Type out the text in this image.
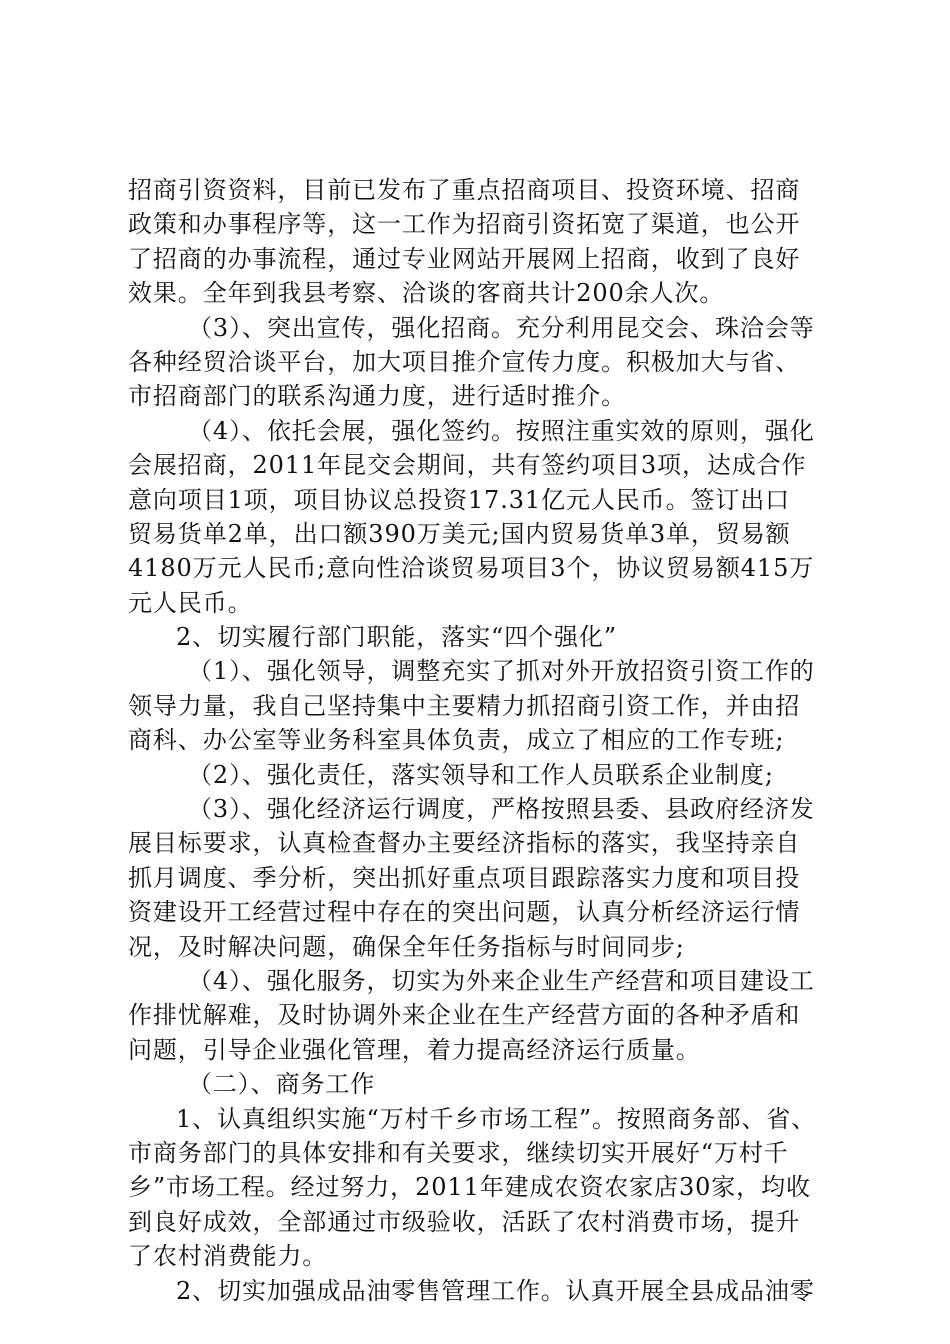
招商引资资料，目前已发布了重点招商项目、投资环境、招商
政策和办事程序等，这一工作为招商引资拓宽了渠道，也公开
了招商的办事流程，通过专业网站开展网上招商，收到了良好
效果。全年到我县考察、洽谈的客商共计200余人次。
（3）、突出宣传，强化招商。充分利用昆交会、珠洽会等
各种经贸洽谈平台，加大项目推介宣传力度。积极加大与省、
市招商部门的联系沟通力度，进行适时推介。
（4）、依托会展，强化签约。按照注重实效的原则，强化
会展招商，2011年昆交会期间，共有签约项目3项，达成合作
意向项目1项，项目协议总投资17.31亿元人民币。签订出口
贸易货单2单，出口额390万美元;国内贸易货单3单，贸易额
4180万元人民币;意向性洽谈贸易项目3个，协议贸易额415万
元人民币。
2、切实履行部门职能，落实“四个强化”
（1）、强化领导，调整充实了抓对外开放招资引资工作的
领导力量，我自己坚持集中主要精力抓招商引资工作，并由招
商科、办公室等业务科室具体负责，成立了相应的工作专班;
（2）、强化责任，落实领导和工作人员联系企业制度;
（3）、强化经济运行调度，严格按照县委、县政府经济发
展目标要求，认真检查督办主要经济指标的落实，我坚持亲自
抓月调度、季分析，突出抓好重点项目跟踪落实力度和项目投
资建设开工经营过程中存在的突出问题，认真分析经济运行情
况，及时解决问题，确保全年任务指标与时间同步;
（4）、强化服务，切实为外来企业生产经营和项目建设工
作排忧解难，及时协调外来企业在生产经营方面的各种矛盾和
问题，引导企业强化管理，着力提高经济运行质量。
（二）、商务工作
1、认真组织实施“万村千乡市场工程”。按照商务部、省、
市商务部门的具体安排和有关要求，继续切实开展好“万村千
乡”市场工程。经过努力，2011年建成农资农家店30家，均收
到良好成效，全部通过市级验收，活跃了农村消费市场，提升
了农村消费能力。
2、切实加强成品油零售管理工作。认真开展全县成品油零
